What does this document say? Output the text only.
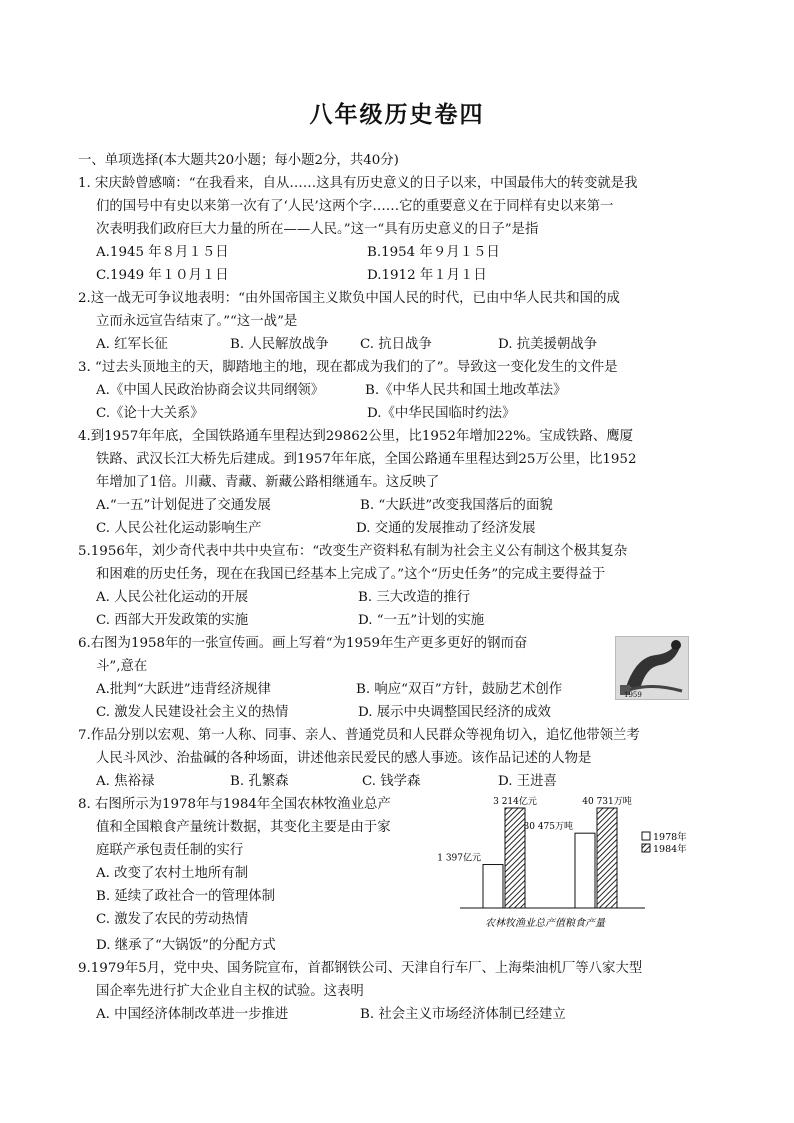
八年级历史卷四
一、单项选择(本大题共20小题；每小题2分，共40分)
1. 宋庆龄曾感嘀：“在我看来，自从……这具有历史意义的日子以来，中国最伟大的转变就是我
们的国号中有史以来第一次有了‘人民’这两个字……它的重要意义在于同样有史以来第一
次表明我们政府巨大力量的所在——人民。”这一“具有历史意义的日子”是指
A.1945 年８月１５日	B.1954 年９月１５日
C.1949 年１０月１日	D.1912 年１月１日
2.这一战无可争议地表明：“由外国帝国主义欺负中国人民的时代，已由中华人民共和国的成
立而永远宣告结束了。”“这一战”是
A. 红军长征	B. 人民解放战争 C. 抗日战争	D. 抗美援朝战争
3. “过去头顶地主的天，脚踏地主的地，现在都成为我们的了”。导致这一变化发生的文件是
A.《中国人民政治协商会议共同纲领》	B.《中华人民共和国土地改革法》
C.《论十大关系》	D.《中华民国临时约法》
4.到1957年年底，全国铁路通车里程达到29862公里，比1952年增加22%。宝成铁路、鹰厦
铁路、武汉长江大桥先后建成。到1957年年底，全国公路通车里程达到25万公里，比1952
年增加了1倍。川藏、青藏、新藏公路相继通车。这反映了
A.“一五”计划促进了交通发展	B. “大跃进”改变我国落后的面貌
C. 人民公社化运动影响生产	D. 交通的发展推动了经济发展
5.1956年，刘少奇代表中共中央宣布：“改变生产资料私有制为社会主义公有制这个极其复杂
和困难的历史任务，现在在我国已经基本上完成了。”这个“历史任务”的完成主要得益于
A. 人民公社化运动的开展	B. 三大改造的推行
C. 西部大开发政策的实施	D. “一五”计划的实施
6.右图为1958年的一张宣传画。画上写着“为1959年生产更多更好的钢而奋
斗”,意在
A.批判“大跃进”违背经济规律	B. 响应“双百”方针，鼓励艺术创作
C. 激发人民建设社会主义的热情	D. 展示中央调整国民经济的成效
1959
7.作品分别以宏观、第一人称、同事、亲人、普通党员和人民群众等视角切入，追忆他带领兰考
人民斗风沙、治盐碱的各种场面，讲述他亲民爱民的感人事迹。该作品记述的人物是
A. 焦裕禄	B. 孔繁森	C. 钱学森	D. 王进喜
8. 右图所示为1978年与1984年全国农林牧渔业总产
值和全国粮食产量统计数据，其变化主要是由于家
庭联产承包责任制的实行
A. 改变了农村土地所有制
B. 延续了政社合一的管理体制
C. 激发了农民的劳动热情
D. 继承了“大锅饭”的分配方式
1 397亿元
3 214亿元
30 475万吨
40 731万吨
1978年
1984年
农林牧渔业总产值粮食产量
9.1979年5月，党中央、国务院宣布，首都钢铁公司、天津自行车厂、上海柴油机厂等八家大型
国企率先进行扩大企业自主权的试验。这表明
A. 中国经济体制改革进一步推进	B. 社会主义市场经济体制已经建立
